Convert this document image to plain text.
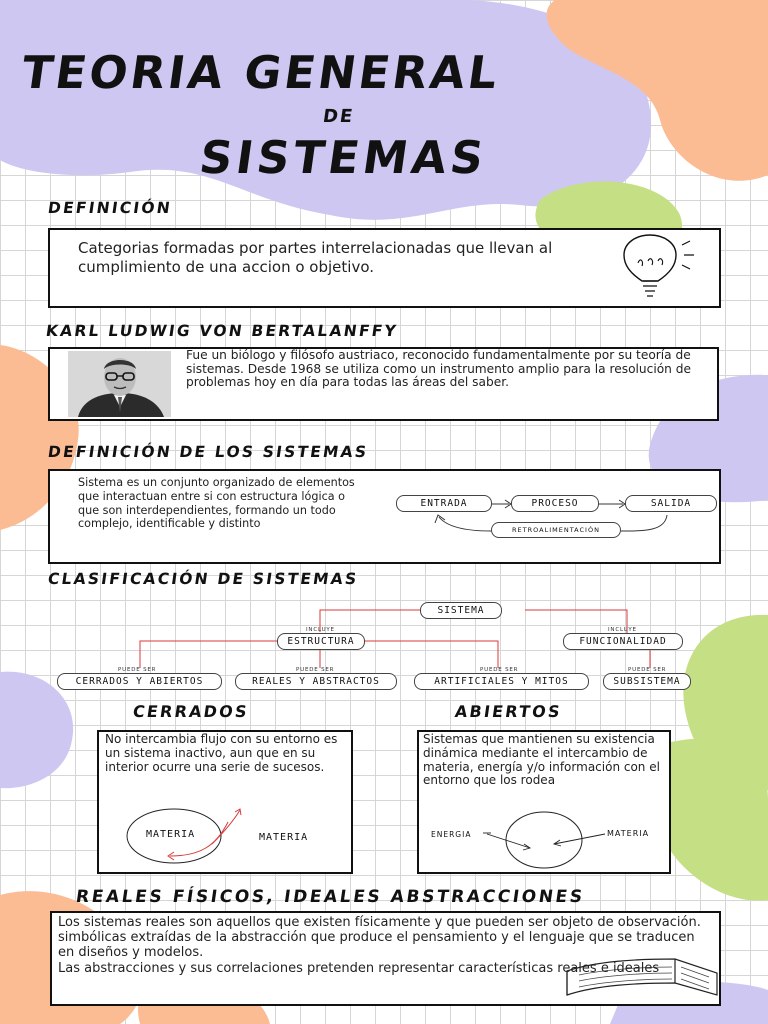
TEORIA GENERAL
DE
SISTEMAS
DEFINICIÓN

Categorias formadas por partes interrelacionadas que llevan al cumplimiento de una accion o objetivo.

KARL LUDWIG VON BERTALANFFY

Fue un biólogo y filósofo austriaco, reconocido fundamentalmente por su teoría de sistemas. Desde 1968 se utiliza como un instrumento amplio para la resolución de problemas hoy en día para todas las áreas del saber.

DEFINICIÓN DE LOS SISTEMAS

Sistema es un conjunto organizado de elementos que interactuan entre si con estructura lógica o que son interdependientes, formando un todo complejo, identificable y distinto

ENTRADA	PROCESO	SALIDA
RETROALIMENTACIÓN
CLASIFICACIÓN DE SISTEMAS
SISTEMA
INCLUYE	INCLUYE
ESTRUCTURA	FUNCIONALIDAD
PUEDE SER	PUEDE SER	PUEDE SER	PUEDE SER
CERRADOS Y ABIERTOS	REALES Y ABSTRACTOS	ARTIFICIALES Y MITOS	SUBSISTEMA
CERRADOS

No intercambia flujo con su entorno es un sistema inactivo, aun que en su interior ocurre una serie de sucesos.

MATERIA	MATERIA
ABIERTOS

Sistemas que mantienen su existencia dinámica mediante el intercambio de materia, energía y/o información con el entorno que los rodea

ENERGIA	MATERIA
REALES FÍSICOS, IDEALES ABSTRACCIONES

Los sistemas reales son aquellos que existen físicamente y que pueden ser objeto de observación. simbólicas extraídas de la abstracción que produce el pensamiento y el lenguaje que se traducen en diseños y modelos.
Las abstracciones y sus correlaciones pretenden representar características reales e ideales
